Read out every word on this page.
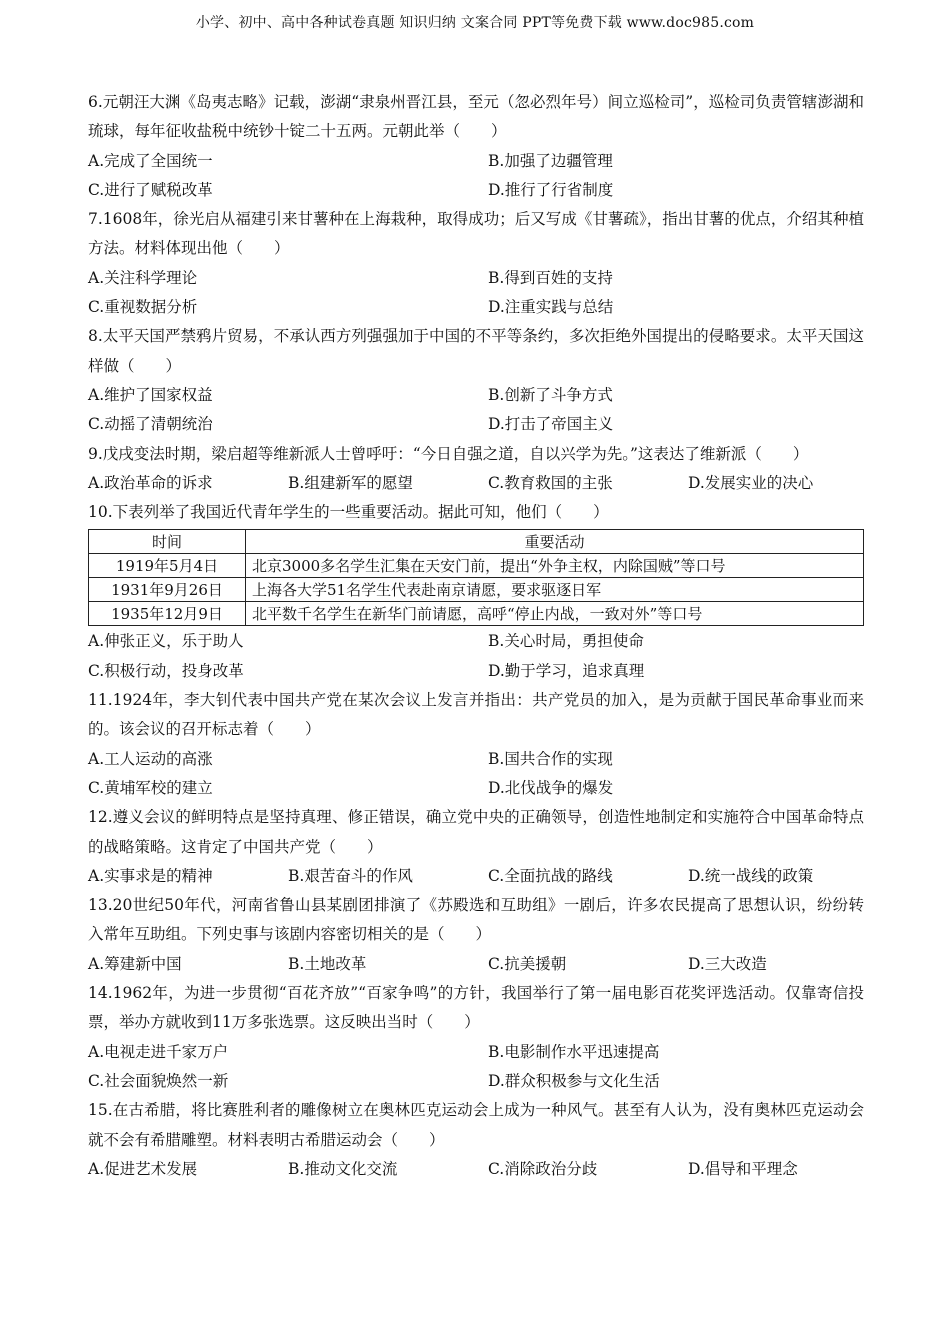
小学、初中、高中各种试卷真题 知识归纳 文案合同 PPT等免费下载 www.doc985.com
6.元朝汪大渊《岛夷志略》记载，澎湖“隶泉州晋江县，至元（忽必烈年号）间立巡检司”，巡检司负责管辖澎湖和琉球，每年征收盐税中统钞十锭二十五两。元朝此举（　　）
A.完成了全国统一	B.加强了边疆管理
C.进行了赋税改革	D.推行了行省制度
7.1608年，徐光启从福建引来甘薯种在上海栽种，取得成功；后又写成《甘薯疏》，指出甘薯的优点，介绍其种植方法。材料体现出他（　　）
A.关注科学理论	B.得到百姓的支持
C.重视数据分析	D.注重实践与总结
8.太平天国严禁鸦片贸易，不承认西方列强强加于中国的不平等条约，多次拒绝外国提出的侵略要求。太平天国这样做（　　）
A.维护了国家权益	B.创新了斗争方式
C.动摇了清朝统治	D.打击了帝国主义
9.戊戌变法时期，梁启超等维新派人士曾呼吁：“今日自强之道，自以兴学为先。”这表达了维新派（　　）
A.政治革命的诉求	B.组建新军的愿望	C.教育救国的主张	D.发展实业的决心
10.下表列举了我国近代青年学生的一些重要活动。据此可知，他们（　　）
时间	重要活动
1919年5月4日	北京3000多名学生汇集在天安门前，提出“外争主权，内除国贼”等口号
1931年9月26日	上海各大学51名学生代表赴南京请愿，要求驱逐日军
1935年12月9日	北平数千名学生在新华门前请愿，高呼“停止内战，一致对外”等口号
A.伸张正义，乐于助人	B.关心时局，勇担使命
C.积极行动，投身改革	D.勤于学习，追求真理
11.1924年，李大钊代表中国共产党在某次会议上发言并指出：共产党员的加入，是为贡献于国民革命事业而来的。该会议的召开标志着（　　）
A.工人运动的高涨	B.国共合作的实现
C.黄埔军校的建立	D.北伐战争的爆发
12.遵义会议的鲜明特点是坚持真理、修正错误，确立党中央的正确领导，创造性地制定和实施符合中国革命特点的战略策略。这肯定了中国共产党（　　）
A.实事求是的精神	B.艰苦奋斗的作风	C.全面抗战的路线	D.统一战线的政策
13.20世纪50年代，河南省鲁山县某剧团排演了《苏殿选和互助组》一剧后，许多农民提高了思想认识，纷纷转入常年互助组。下列史事与该剧内容密切相关的是（　　）
A.筹建新中国	B.土地改革	C.抗美援朝	D.三大改造
14.1962年，为进一步贯彻“百花齐放”“百家争鸣”的方针，我国举行了第一届电影百花奖评选活动。仅靠寄信投票，举办方就收到11万多张选票。这反映出当时（　　）
A.电视走进千家万户	B.电影制作水平迅速提高
C.社会面貌焕然一新	D.群众积极参与文化生活
15.在古希腊，将比赛胜利者的雕像树立在奥林匹克运动会上成为一种风气。甚至有人认为，没有奥林匹克运动会就不会有希腊雕塑。材料表明古希腊运动会（　　）
A.促进艺术发展	B.推动文化交流	C.消除政治分歧	D.倡导和平理念
